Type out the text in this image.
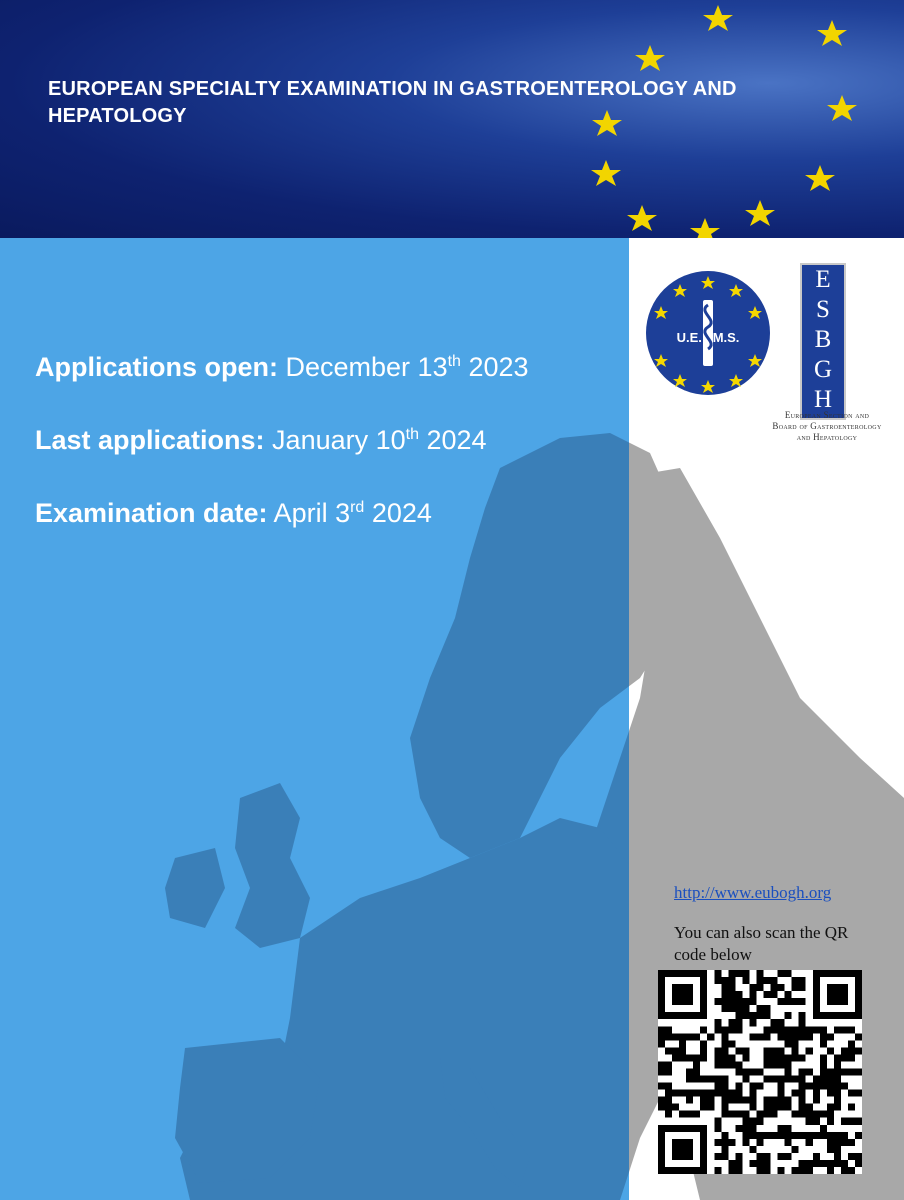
EUROPEAN SPECIALTY EXAMINATION IN GASTROENTEROLOGY AND HEPATOLOGY
Applications open: December 13th 2023
Last applications: January 10th 2024
Examination date: April 3rd 2024
U.E.   M.S.
E
S
B
G
H
European Section and Board of Gastroenterology and Hepatology
http://www.eubogh.org
You can also scan the QR code below
